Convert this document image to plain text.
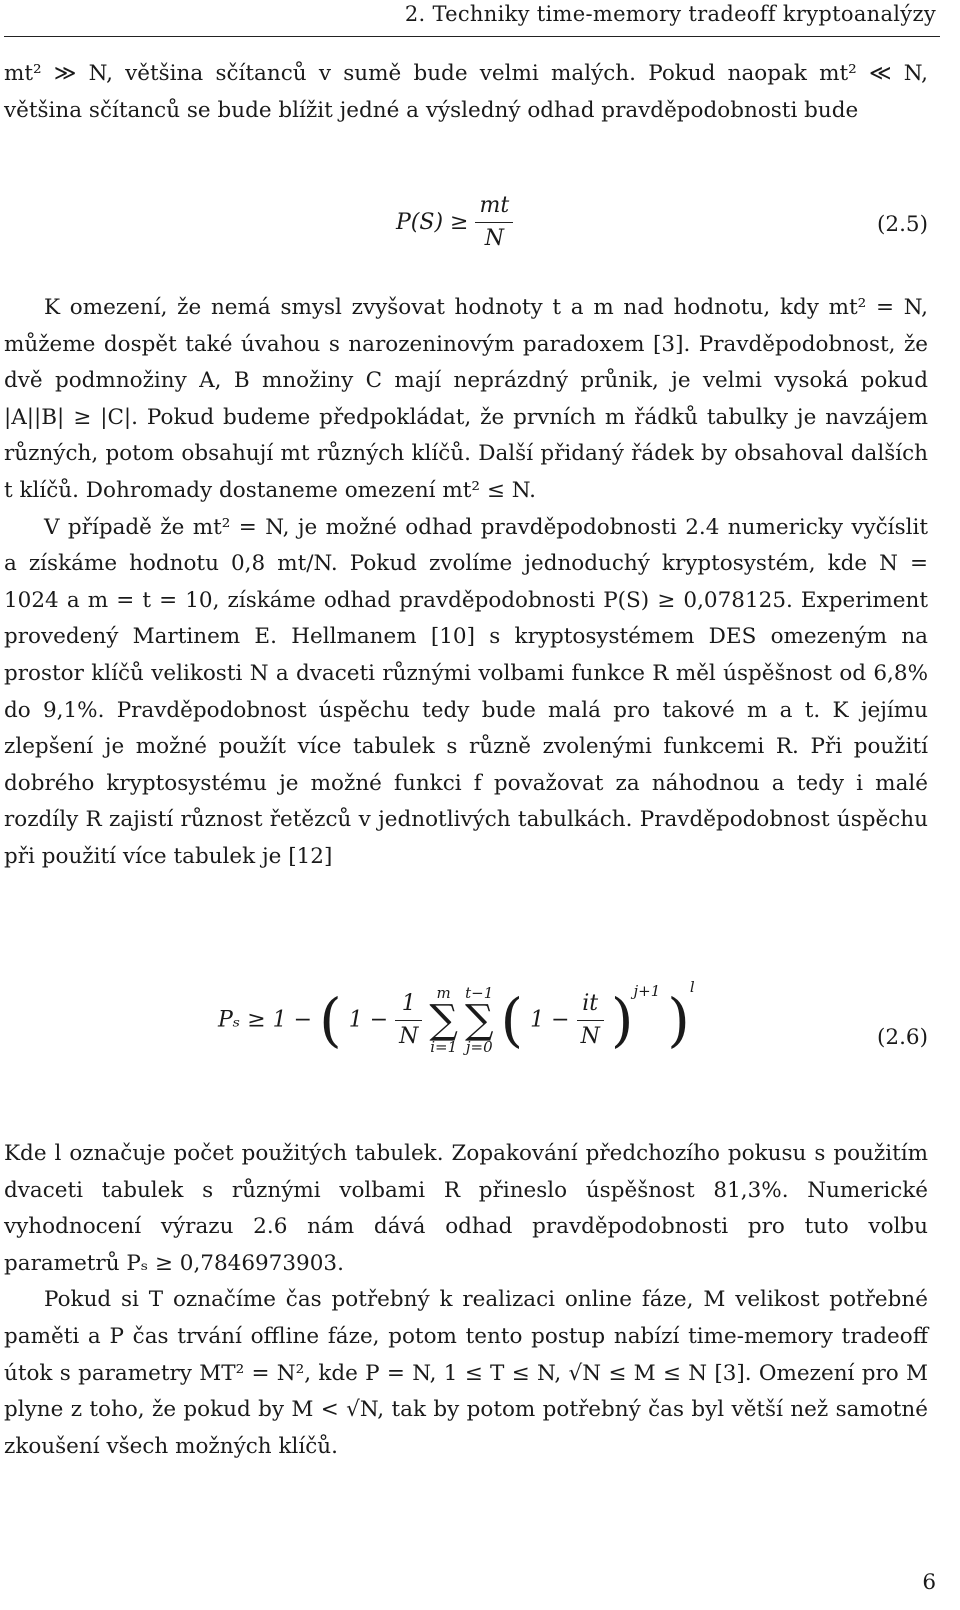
2. Techniky time-memory tradeoff kryptoanalýzy

mt² ≫ N, většina sčítanců v sumě bude velmi malých. Pokud naopak mt² ≪ N, většina sčítanců se bude blížit jedné a výsledný odhad pravděpodobnosti bude

$P(S) \ge \frac{mt}{N}$	(2.5)

K omezení, že nemá smysl zvyšovat hodnoty t a m nad hodnotu, kdy mt² = N, můžeme dospět také úvahou s narozeninovým paradoxem [3]. Pravděpodobnost, že dvě podmnožiny A, B množiny C mají neprázdný průnik, je velmi vysoká pokud |A||B| ≥ |C|. Pokud budeme předpokládat, že prvních m řádků tabulky je navzájem různých, potom obsahují mt různých klíčů. Další přidaný řádek by obsahoval dalších t klíčů. Dohromady dostaneme omezení mt² ≤ N.

V případě že mt² = N, je možné odhad pravděpodobnosti 2.4 numericky vyčíslit a získáme hodnotu 0,8 mt/N. Pokud zvolíme jednoduchý kryptosystém, kde N = 1024 a m = t = 10, získáme odhad pravděpodobnosti P(S) ≥ 0,078125. Experiment provedený Martinem E. Hellmanem [10] s kryptosystémem DES omezeným na prostor klíčů velikosti N a dvaceti různými volbami funkce R měl úspěšnost od 6,8% do 9,1%. Pravděpodobnost úspěchu tedy bude malá pro takové m a t. K jejímu zlepšení je možné použít více tabulek s různě zvolenými funkcemi R. Při použití dobrého kryptosystému je možné funkci f považovat za náhodnou a tedy i malé rozdíly R zajistí různost řetězců v jednotlivých tabulkách. Pravděpodobnost úspěchu při použití více tabulek je [12]

Pₛ ≥ 1 − ( $1 - \frac{1}{N}$
m
∑
i=1

t−1
∑
j=0 ( $1 - \frac{it}{N} )^{j+1}$ )$^l$
(2.6)

Kde l označuje počet použitých tabulek. Zopakování předchozího pokusu s použitím dvaceti tabulek s různými volbami R přineslo úspěšnost 81,3%. Numerické vyhodnocení výrazu 2.6 nám dává odhad pravděpodobnosti pro tuto volbu parametrů Pₛ ≥ 0,7846973903.

Pokud si T označíme čas potřebný k realizaci online fáze, M velikost potřebné paměti a P čas trvání offline fáze, potom tento postup nabízí time-memory tradeoff útok s parametry MT² = N², kde P = N, 1 ≤ T ≤ N, √N ≤ M ≤ N [3]. Omezení pro M plyne z toho, že pokud by M < √N, tak by potom potřebný čas byl větší než samotné zkoušení všech možných klíčů.

6
